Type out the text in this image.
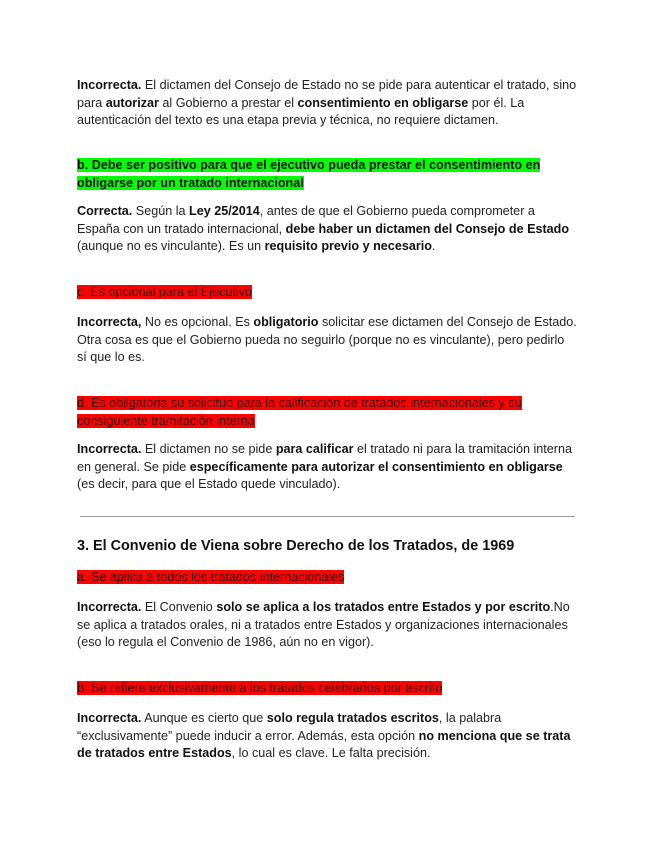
Incorrecta. El dictamen del Consejo de Estado no se pide para autenticar el tratado, sino para autorizar al Gobierno a prestar el consentimiento en obligarse por él. La autenticación del texto es una etapa previa y técnica, no requiere dictamen.

b. Debe ser positivo para que el ejecutivo pueda prestar el consentimiento en obligarse por un tratado internacional

Correcta. Según la Ley 25/2014, antes de que el Gobierno pueda comprometer a España con un tratado internacional, debe haber un dictamen del Consejo de Estado (aunque no es vinculante). Es un requisito previo y necesario.

c. Es opcional para el Ejecutivo

Incorrecta, No es opcional. Es obligatorio solicitar ese dictamen del Consejo de Estado. Otra cosa es que el Gobierno pueda no seguirlo (porque no es vinculante), pero pedirlo sí que lo es.

d. Es obligatoria su solicitud para la calificación de tratados internacionales y su consiguiente tramitación interna

Incorrecta. El dictamen no se pide para calificar el tratado ni para la tramitación interna en general. Se pide específicamente para autorizar el consentimiento en obligarse (es decir, para que el Estado quede vinculado).

3. El Convenio de Viena sobre Derecho de los Tratados, de 1969

a. Se aplica a todos los tratados internacionales

Incorrecta. El Convenio solo se aplica a los tratados entre Estados y por escrito.No se aplica a tratados orales, ni a tratados entre Estados y organizaciones internacionales (eso lo regula el Convenio de 1986, aún no en vigor).

b. Se refiere exclusivamente a los tratados celebrados por escrito

Incorrecta. Aunque es cierto que solo regula tratados escritos, la palabra “exclusivamente” puede inducir a error. Además, esta opción no menciona que se trata de tratados entre Estados, lo cual es clave. Le falta precisión.
